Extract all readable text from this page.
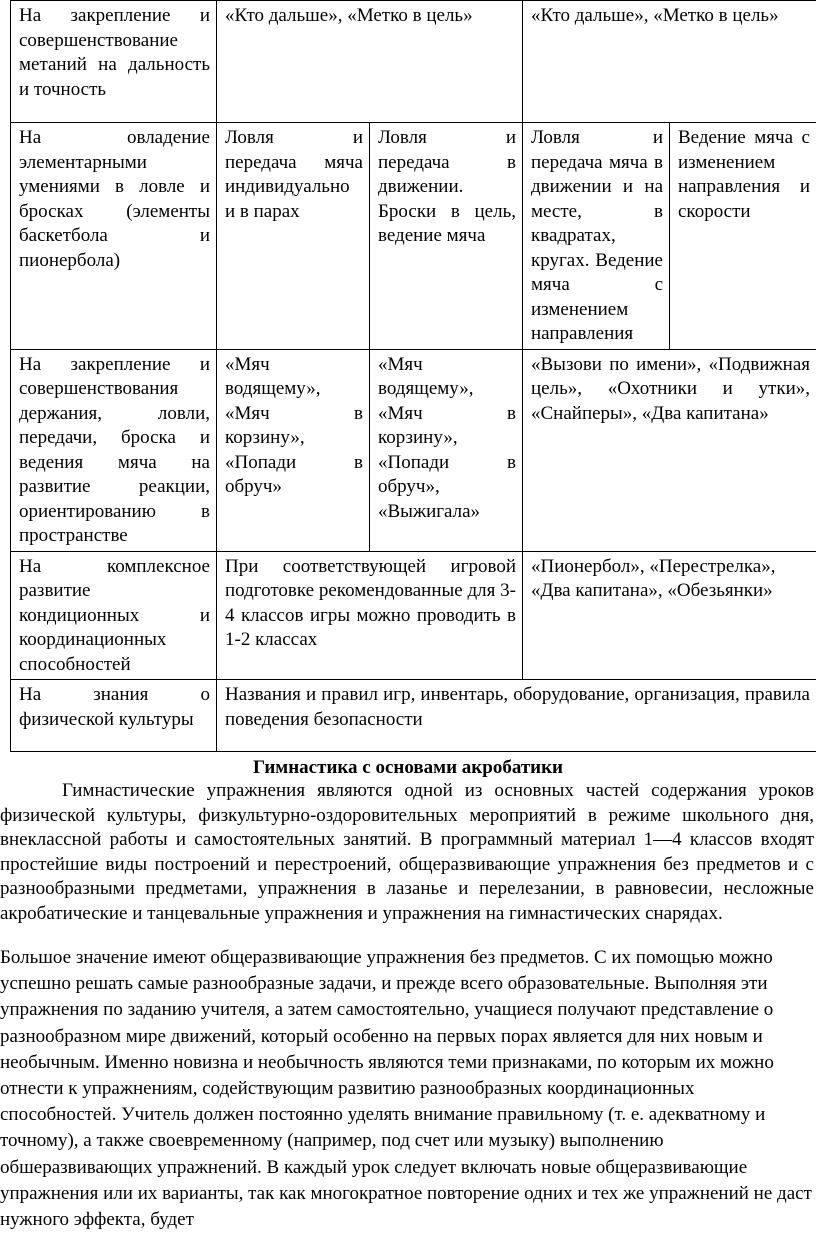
На закрепление и совершенствование метаний на дальность и точность	«Кто дальше», «Метко в цель»		«Кто дальше», «Метко в цель»	
На овладение элементарными умениями в ловле и бросках (элементы баскетбола и пионербола)	Ловля и передача мяча индивидуально и в парах	Ловля и передача в движении. Броски в цель, ведение мяча	Ловля и передача мяча в движении и на месте, в квадратах, кругах. Ведение мяча с изменением направления	Ведение мяча с изменением направления и скорости
На закрепление и совершенствования держания, ловли, передачи, броска и ведения мяча на развитие реакции, ориентированию в пространстве	«Мяч водящему», «Мяч в корзину», «Попади в обруч»	«Мяч водящему», «Мяч в корзину», «Попади в обруч», «Выжигала»	«Вызови по имени», «Подвижная цель», «Охотники и утки», «Снайперы», «Два капитана»	
На комплексное развитие кондиционных и координационных способностей	При соответствующей игровой подготовке рекомендованные для 3-4 классов игры можно проводить в 1-2 классах		«Пионербол», «Перестрелка», «Два капитана», «Обезьянки»	
На знания о физической культуры	Названия и правил игр, инвентарь, оборудование, организация, правила поведения безопасности			
Гимнастика с основами акробатики

Гимнастические упражнения являются одной из основных частей содержания уроков физической культуры, физкультурно-оздоровительных мероприятий в режиме школьного дня, внеклассной работы и самостоятельных занятий. В программный материал 1—4 классов входят простейшие виды построений и перестроений, общеразвивающие упражнения без предметов и с разнообразными предметами, упражнения в лазанье и перелезании, в равновесии, несложные акробатические и танцевальные упражнения и упражнения на гимнастических снарядах.

Большое значение имеют общеразвивающие упражнения без предметов. С их помощью можно успешно решать самые разнообразные задачи, и прежде всего образовательные. Выполняя эти упражнения по заданию учителя, а затем самостоятельно, учащиеся получают представление о разнообразном мире движений, который особенно на первых порах является для них новым и необычным. Именно новизна и необычность являются теми признаками, по которым их можно отнести к упражнениям, содействующим развитию разнообразных координационных способностей. Учитель должен постоянно уделять внимание правильному (т. е. адекватному и точному), а также своевременному (например, под счет или музыку) выполнению обшеразвивающих упражнений. В каждый урок следует включать новые общеразвивающие упражнения или их варианты, так как многократное повторение одних и тех же упражнений не даст нужного эффекта, будет
